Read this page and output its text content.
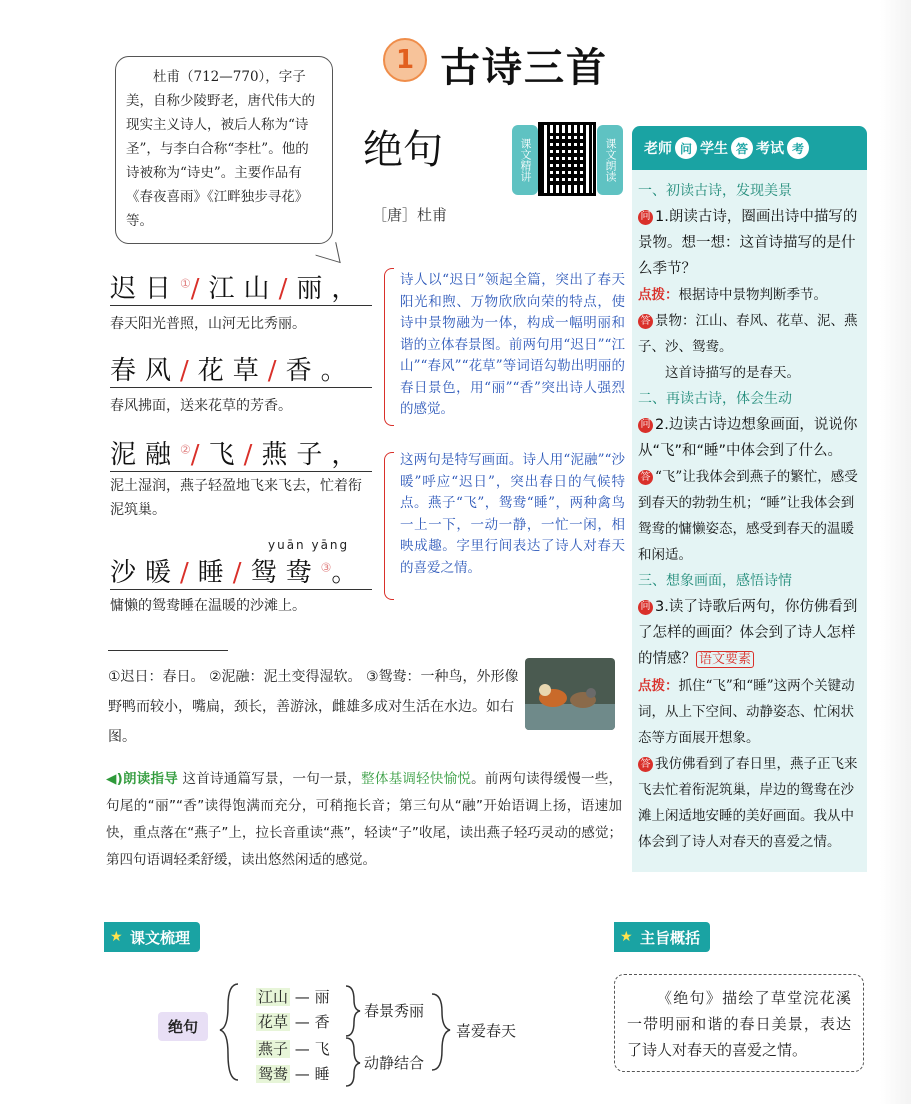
1 古诗三首
杜甫（712—770），字子美，自称少陵野老，唐代伟大的现实主义诗人，被后人称为“诗圣”，与李白合称“李杜”。他的诗被称为“诗史”。主要作品有《春夜喜雨》《江畔独步寻花》等。
绝句
［唐］杜甫
课文精讲	课文朗读
迟日①/江山/丽，
春天阳光普照，山河无比秀丽。
春风/花草/香。
春风拂面，送来花草的芳香。
泥融②/飞/燕子，
泥土湿润，燕子轻盈地飞来飞去，忙着衔泥筑巢。
yuān yāng
沙暖/睡/鸳鸯③。
慵懒的鸳鸯睡在温暖的沙滩上。
诗人以“迟日”领起全篇，突出了春天阳光和煦、万物欣欣向荣的特点，使诗中景物融为一体，构成一幅明丽和谐的立体春景图。前两句用“迟日”“江山”“春风”“花草”等词语勾勒出明丽的春日景色，用“丽”“香”突出诗人强烈的感觉。
这两句是特写画面。诗人用“泥融”“沙暖”呼应“迟日”，突出春日的气候特点。燕子“飞”，鸳鸯“睡”，两种禽鸟一上一下，一动一静，一忙一闲，相映成趣。字里行间表达了诗人对春天的喜爱之情。
①迟日：春日。 ②泥融：泥土变得湿软。 ③鸳鸯：一种鸟，外形像野鸭而较小，嘴扁，颈长，善游泳，雌雄多成对生活在水边。如右图。
◀)朗读指导 这首诗通篇写景，一句一景，整体基调轻快愉悦。前两句读得缓慢一些，句尾的“丽”“香”读得饱满而充分，可稍拖长音；第三句从“融”开始语调上扬，语速加快，重点落在“燕子”上，拉长音重读“燕”，轻读“子”收尾，读出燕子轻巧灵动的感觉；第四句语调轻柔舒缓，读出悠然闲适的感觉。
老师 问 学生 答 考试 考
一、初读古诗，发现美景
问 1.朗读古诗，圈画出诗中描写的景物。想一想：这首诗描写的是什么季节？
点拨：根据诗中景物判断季节。
答 景物：江山、春风、花草、泥、燕子、沙、鸳鸯。
这首诗描写的是春天。
二、再读古诗，体会生动
问 2.边读古诗边想象画面，说说你从“飞”和“睡”中体会到了什么。
答 “飞”让我体会到燕子的繁忙，感受到春天的勃勃生机；“睡”让我体会到鸳鸯的慵懒姿态，感受到春天的温暖和闲适。
三、想象画面，感悟诗情
问 3.读了诗歌后两句，你仿佛看到了怎样的画面？体会到了诗人怎样的情感？ 语文要素
点拨：抓住“飞”和“睡”这两个关键动词，从上下空间、动静姿态、忙闲状态等方面展开想象。
答 我仿佛看到了春日里，燕子正飞来飞去忙着衔泥筑巢，岸边的鸳鸯在沙滩上闲适地安睡的美好画面。我从中体会到了诗人对春天的喜爱之情。
★ 课文梳理	★ 主旨概括
绝句
江山 — 丽
花草 — 香
燕子 — 飞
鸳鸯 — 睡
春景秀丽
动静结合
喜爱春天
《绝句》描绘了草堂浣花溪一带明丽和谐的春日美景，表达了诗人对春天的喜爱之情。
